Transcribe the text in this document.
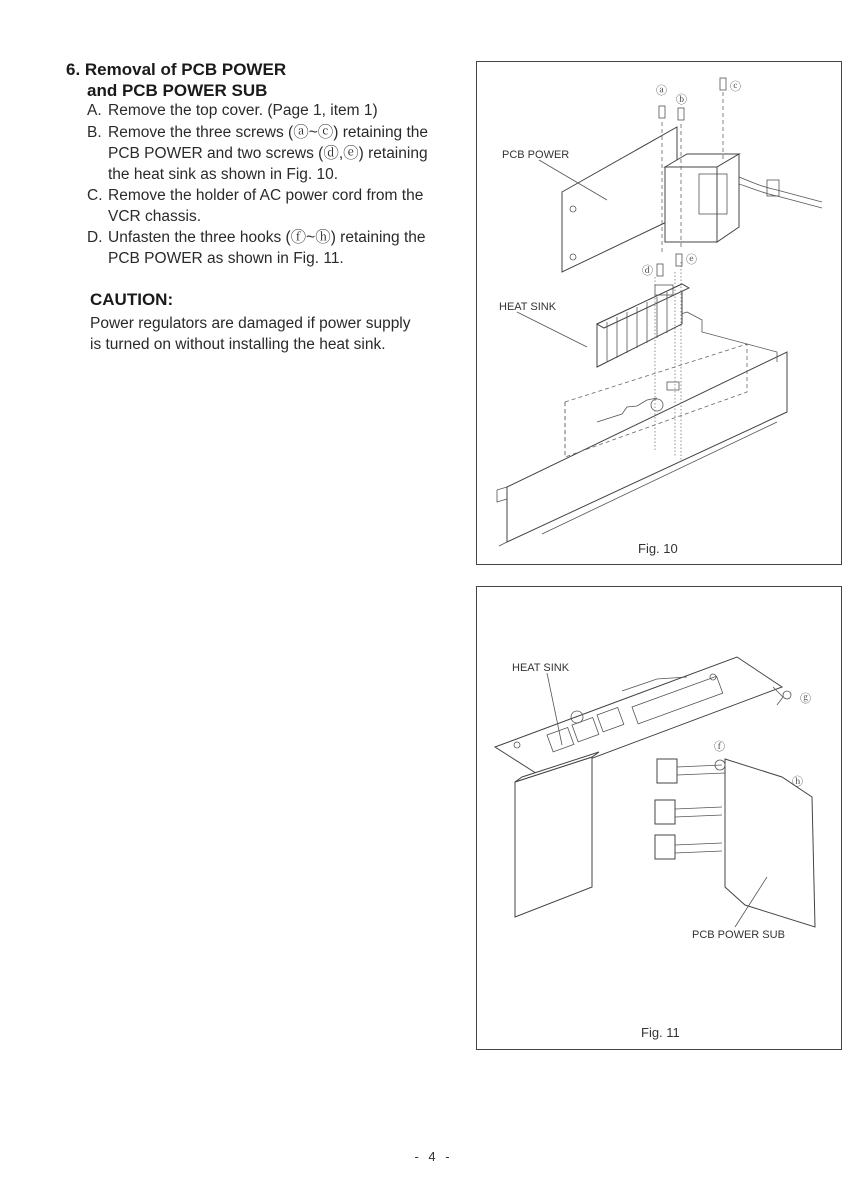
6. Removal of PCB POWER
and PCB POWER SUB
A. Remove the top cover. (Page 1, item 1)
B. Remove the three screws (ⓐ~ⓒ) retaining the
PCB POWER and two screws (ⓓ,ⓔ) retaining
the heat sink as shown in Fig. 10.
C. Remove the holder of AC power cord from the
VCR chassis.
D. Unfasten the three hooks (ⓕ~ⓗ) retaining the
PCB POWER as shown in Fig. 11.
CAUTION:
Power regulators are damaged if power supply
is turned on without installing the heat sink.
PCB POWER
HEAT SINK
ⓐ
ⓑ
ⓒ
ⓓ
ⓔ
Fig. 10
HEAT SINK
PCB POWER SUB
ⓕ
ⓖ
ⓗ
Fig. 11
- 4 -
